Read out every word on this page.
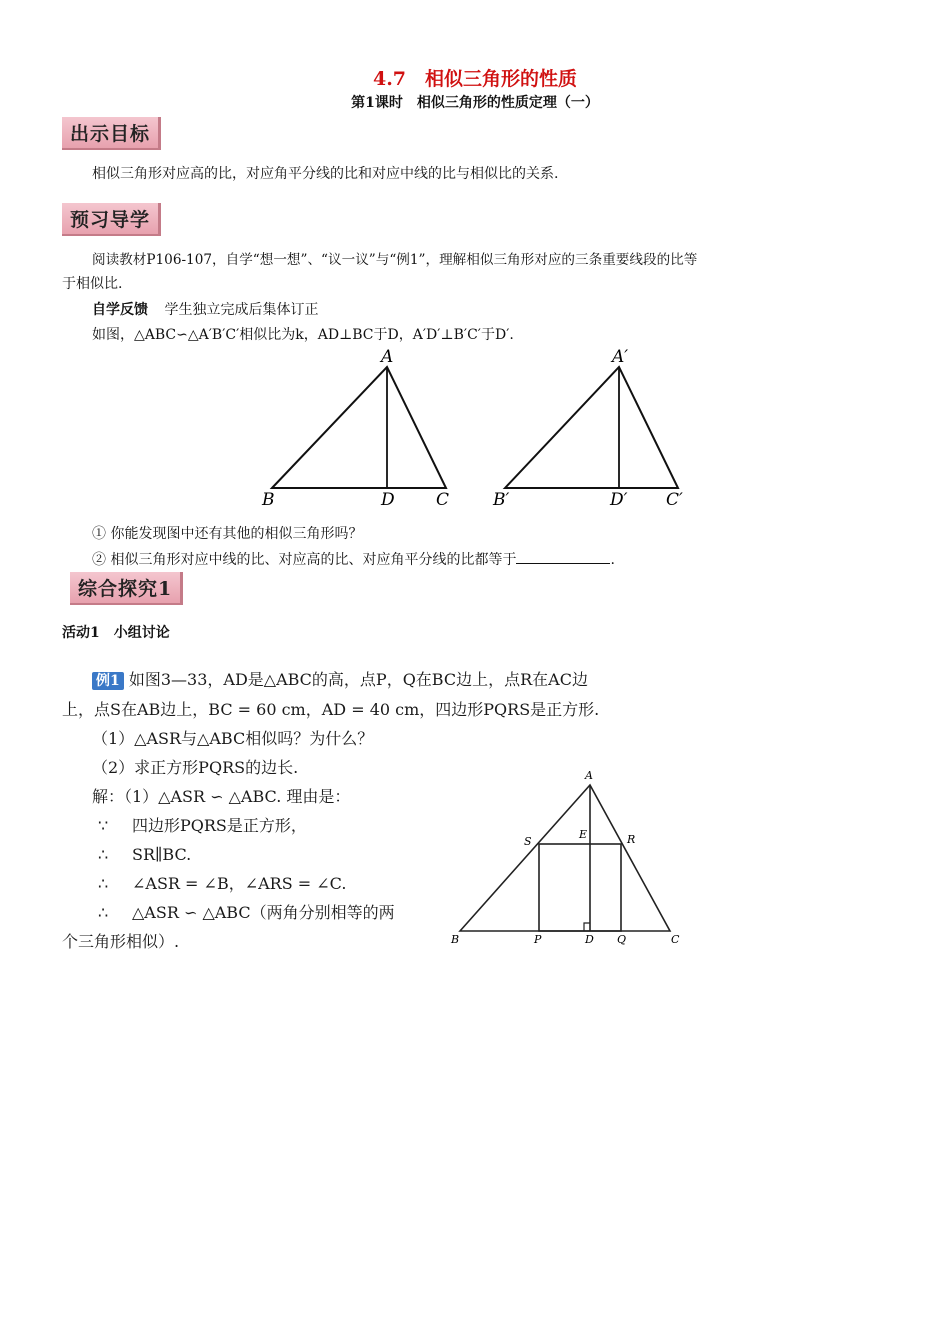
4.7　相似三角形的性质
第1课时　相似三角形的性质定理（一）
出示目标
相似三角形对应高的比，对应角平分线的比和对应中线的比与相似比的关系.
预习导学
阅读教材P106-107，自学“想一想”、“议一议”与“例1”，理解相似三角形对应的三条重要线段的比等
于相似比.
自学反馈 学生独立完成后集体订正
如图，△ABC∽△A′B′C′相似比为k，AD⊥BC于D，A′D′⊥B′C′于D′.
A
B	D C
A′
B′	D′ C′
① 你能发现图中还有其他的相似三角形吗？
② 相似三角形对应中线的比、对应高的比、对应角平分线的比都等于	.
综合探究1
活动1　小组讨论
例1 如图3—33，AD是△ABC的高，点P，Q在BC边上，点R在AC边
上，点S在AB边上，BC = 60 cm，AD = 40 cm，四边形PQRS是正方形.
（1）△ASR与△ABC相似吗？为什么？
（2）求正方形PQRS的边长.
解：（1）△ASR ∽ △ABC. 理由是：
∵ 四边形PQRS是正方形，
∴ SR∥BC.
∴ ∠ASR = ∠B，∠ARS = ∠C.
∴ △ASR ∽ △ABC（两角分别相等的两
个三角形相似）.
A
S
E	R
B	P	D Q	C
